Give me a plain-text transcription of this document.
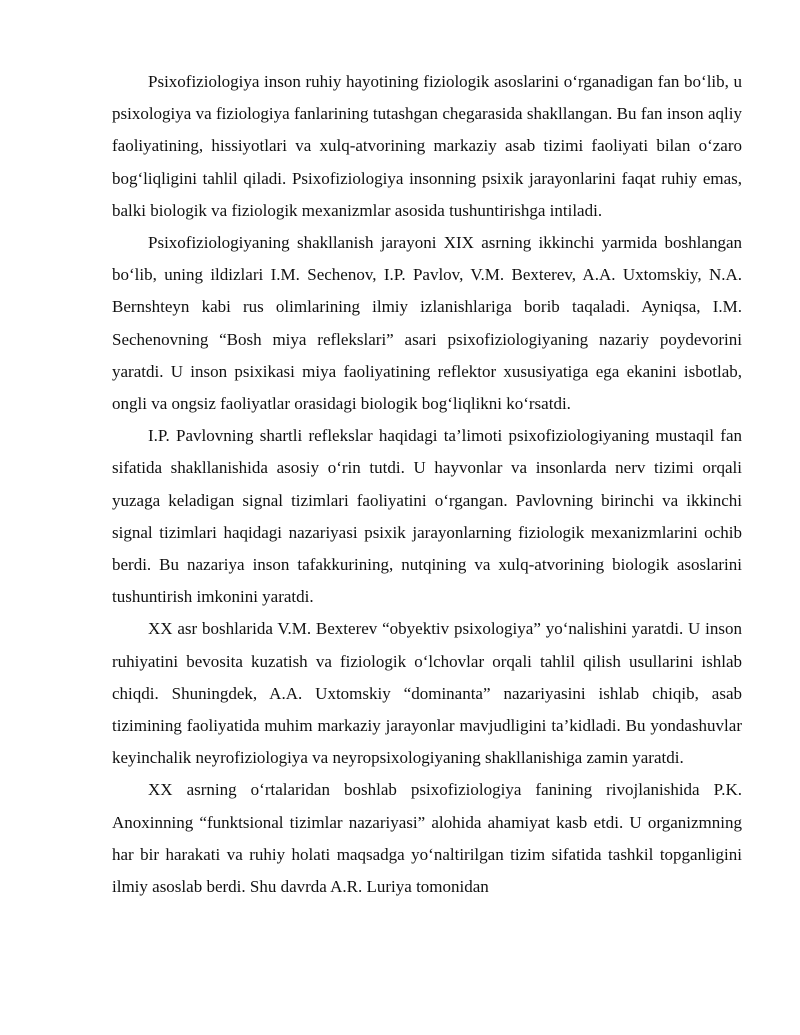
Psixofiziologiya inson ruhiy hayotining fiziologik asoslarini o‘rganadigan fan bo‘lib, u psixologiya va fiziologiya fanlarining tutashgan chegarasida shakllangan. Bu fan inson aqliy faoliyatining, hissiyotlari va xulq-atvorining markaziy asab tizimi faoliyati bilan o‘zaro bog‘liqligini tahlil qiladi. Psixofiziologiya insonning psixik jarayonlarini faqat ruhiy emas, balki biologik va fiziologik mexanizmlar asosida tushuntirishga intiladi.

Psixofiziologiyaning shakllanish jarayoni XIX asrning ikkinchi yarmida boshlangan bo‘lib, uning ildizlari I.M. Sechenov, I.P. Pavlov, V.M. Bexterev, A.A. Uxtomskiy, N.A. Bernshteyn kabi rus olimlarining ilmiy izlanishlariga borib taqaladi. Ayniqsa, I.M. Sechenovning “Bosh miya reflekslari” asari psixofiziologiyaning nazariy poydevorini yaratdi. U inson psixikasi miya faoliyatining reflektor xususiyatiga ega ekanini isbotlab, ongli va ongsiz faoliyatlar orasidagi biologik bog‘liqlikni ko‘rsatdi.

I.P. Pavlovning shartli reflekslar haqidagi ta’limoti psixofiziologiyaning mustaqil fan sifatida shakllanishida asosiy o‘rin tutdi. U hayvonlar va insonlarda nerv tizimi orqali yuzaga keladigan signal tizimlari faoliyatini o‘rgangan. Pavlovning birinchi va ikkinchi signal tizimlari haqidagi nazariyasi psixik jarayonlarning fiziologik mexanizmlarini ochib berdi. Bu nazariya inson tafakkurining, nutqining va xulq-atvorining biologik asoslarini tushuntirish imkonini yaratdi.

XX asr boshlarida V.M. Bexterev “obyektiv psixologiya” yo‘nalishini yaratdi. U inson ruhiyatini bevosita kuzatish va fiziologik o‘lchovlar orqali tahlil qilish usullarini ishlab chiqdi. Shuningdek, A.A. Uxtomskiy “dominanta” nazariyasini ishlab chiqib, asab tizimining faoliyatida muhim markaziy jarayonlar mavjudligini ta’kidladi. Bu yondashuvlar keyinchalik neyrofiziologiya va neyropsixologiyaning shakllanishiga zamin yaratdi.

XX asrning o‘rtalaridan boshlab psixofiziologiya fanining rivojlanishida P.K. Anoxinning “funktsional tizimlar nazariyasi” alohida ahamiyat kasb etdi. U organizmning har bir harakati va ruhiy holati maqsadga yo‘naltirilgan tizim sifatida tashkil topganligini ilmiy asoslab berdi. Shu davrda A.R. Luriya tomonidan
